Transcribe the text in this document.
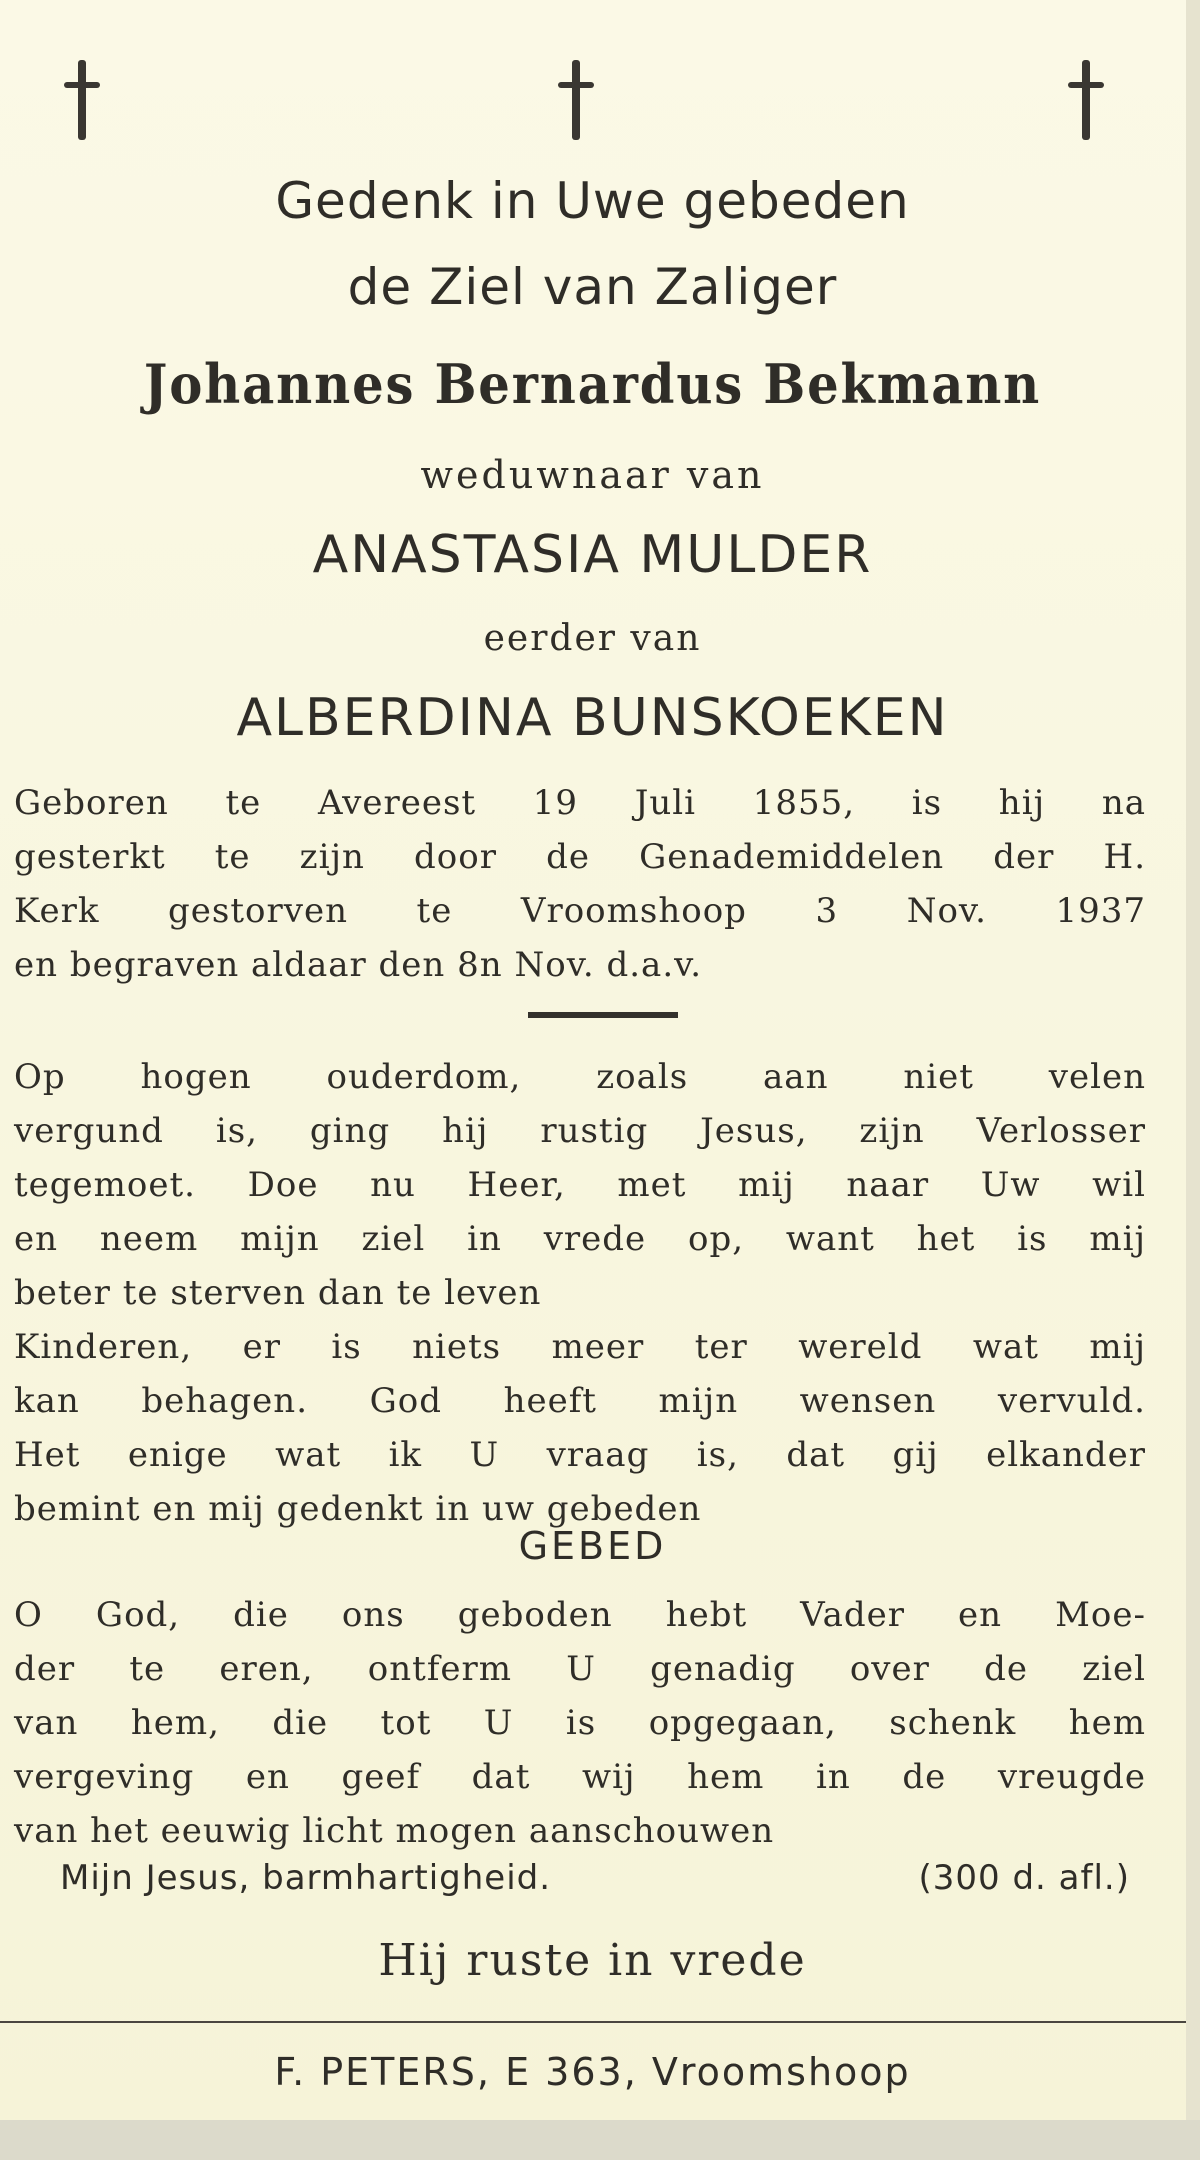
Gedenk in Uwe gebeden
de Ziel van Zaliger
Johannes Bernardus Bekmann
weduwnaar van
ANASTASIA MULDER
eerder van
ALBERDINA BUNSKOEKEN
Geboren te Avereest 19 Juli 1855, is hij na
gesterkt te zijn door de Genademiddelen der H.
Kerk gestorven te Vroomshoop 3 Nov. 1937
en begraven aldaar den 8n Nov. d.a.v.
Op hogen ouderdom, zoals aan niet velen
vergund is, ging hij rustig Jesus, zijn Verlosser
tegemoet. Doe nu Heer, met mij naar Uw wil
en neem mijn ziel in vrede op, want het is mij
beter te sterven dan te leven
Kinderen, er is niets meer ter wereld wat mij
kan behagen. God heeft mijn wensen vervuld.
Het enige wat ik U vraag is, dat gij elkander
bemint en mij gedenkt in uw gebeden
GEBED
O God, die ons geboden hebt Vader en Moe-
der te eren, ontferm U genadig over de ziel
van hem, die tot U is opgegaan, schenk hem
vergeving en geef dat wij hem in de vreugde
van het eeuwig licht mogen aanschouwen
Mijn Jesus, barmhartigheid.	(300 d. afl.)
Hij ruste in vrede
F. PETERS, E 363, Vroomshoop
